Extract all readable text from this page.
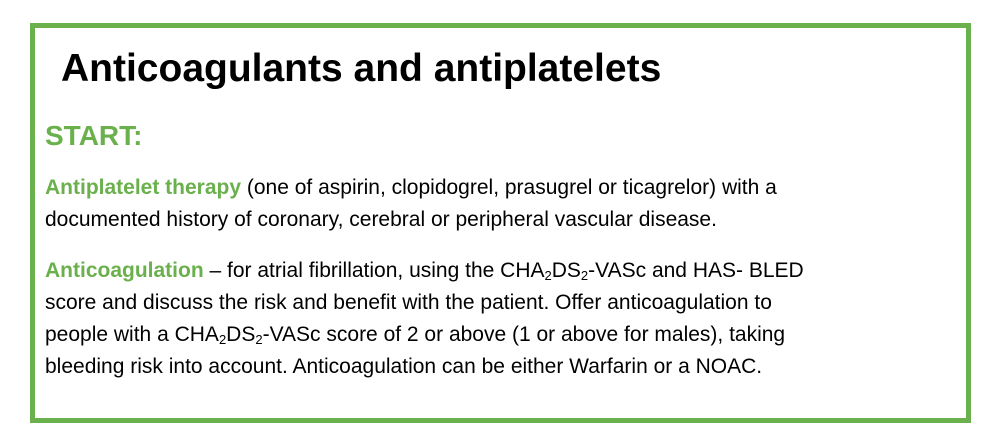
Anticoagulants and antiplatelets
START:

Antiplatelet therapy (one of aspirin, clopidogrel, prasugrel or ticagrelor) with a
documented history of coronary, cerebral or peripheral vascular disease.

Anticoagulation – for atrial fibrillation, using the $CHA_2DS_2$-VASc and HAS- BLED
score and discuss the risk and benefit with the patient. Offer anticoagulation to
people with a $CHA_2DS_2$-VASc score of 2 or above (1 or above for males), taking
bleeding risk into account. Anticoagulation can be either Warfarin or a NOAC.
